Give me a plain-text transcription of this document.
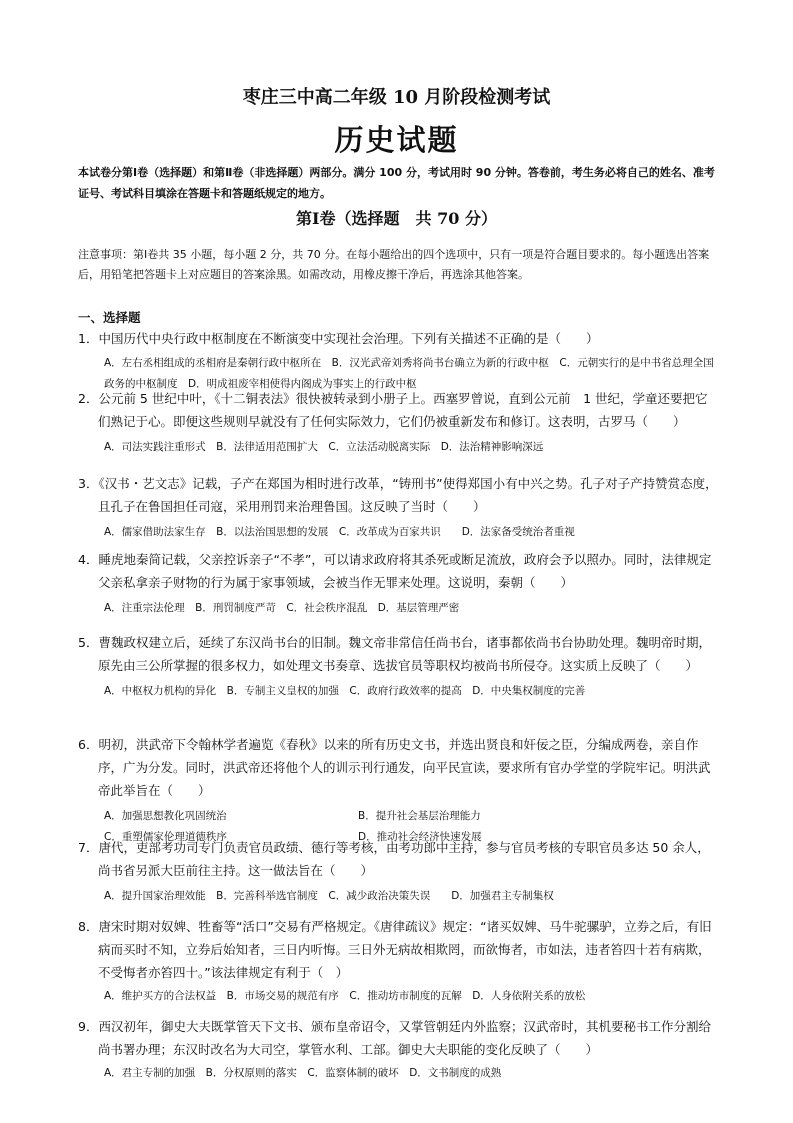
枣庄三中高二年级 10 月阶段检测考试
历史试题
本试卷分第Ⅰ卷（选择题）和第Ⅱ卷（非选择题）两部分。满分 100 分，考试用时 90 分钟。答卷前，考生务必将自己的姓名、准考证号、考试科目填涂在答题卡和答题纸规定的地方。
第Ⅰ卷（选择题　共 70 分）
注意事项：第Ⅰ卷共 35 小题，每小题 2 分，共 70 分。在每小题给出的四个选项中，只有一项是符合题目要求的。每小题选出答案后，用铅笔把答题卡上对应题目的答案涂黑。如需改动，用橡皮擦干净后，再选涂其他答案。
一、选择题

1．中国历代中央行政中枢制度在不断演变中实现社会治理。下列有关描述不正确的是（　　）

A．左右丞相组成的丞相府是秦朝行政中枢所在　B．汉光武帝刘秀将尚书台确立为新的行政中枢　C．元朝实行的是中书省总理全国政务的中枢制度　D．明成祖废宰相使得内阁成为事实上的行政中枢

2．公元前 5 世纪中叶，《十二铜表法》很快被转录到小册子上。西塞罗曾说，直到公元前　1 世纪，学童还要把它们熟记于心。即便这些规则早就没有了任何实际效力，它们仍被重新发布和修订。这表明，古罗马（　　）

A．司法实践注重形式　B．法律适用范围扩大　C．立法活动脱离实际　D．法治精神影响深远

3．《汉书・艺文志》记载，子产在郑国为相时进行改革，“铸刑书”使得郑国小有中兴之势。孔子对子产持赞赏态度，且孔子在鲁国担任司寇，采用刑罚来治理鲁国。这反映了当时（　　）

A．儒家借助法家生存　B．以法治国思想的发展　C．改革成为百家共识　　D．法家备受统治者重视

4．睡虎地秦简记载，父亲控诉亲子“不孝”，可以请求政府将其杀死或断足流放，政府会予以照办。同时，法律规定父亲私拿亲子财物的行为属于家事领域，会被当作无罪来处理。这说明，秦朝（　　）

A．注重宗法伦理　B．刑罚制度严苛　C．社会秩序混乱　D．基层管理严密

5．曹魏政权建立后，延续了东汉尚书台的旧制。魏文帝非常信任尚书台，诸事都依尚书台协助处理。魏明帝时期，原先由三公所掌握的很多权力，如处理文书奏章、选拔官员等职权均被尚书所侵夺。这实质上反映了（　　）

A．中枢权力机构的异化　B．专制主义皇权的加强　C．政府行政效率的提高　D．中央集权制度的完善

6．明初，洪武帝下令翰林学者遍览《春秋》以来的所有历史文书，并选出贤良和奸佞之臣，分编成两卷，亲自作序，广为分发。同时，洪武帝还将他个人的训示刊行通发，向平民宣读，要求所有官办学堂的学院牢记。明洪武帝此举旨在（　　）

A．加强思想教化巩固统治	B．提升社会基层治理能力
C．重塑儒家伦理道德秩序	D．推动社会经济快速发展

7．唐代，吏部考功司专门负责官员政绩、德行等考核，由考功郎中主持，参与官员考核的专职官员多达 50 余人，尚书省另派大臣前往主持。这一做法旨在（　　）

A．提升国家治理效能　B．完善科举选官制度　C．减少政治决策失误　　D．加强君主专制集权

8．唐宋时期对奴婢、牲畜等“活口”交易有严格规定。《唐律疏议》规定：“诸买奴婢、马牛驼骡驴，立券之后，有旧病而买时不知，立券后始知者，三日内听悔。三日外无病故相欺罔，而欲悔者，市如法，违者笞四十若有病欺，不受悔者亦笞四十。”该法律规定有利于（　）

A．维护买方的合法权益　B．市场交易的规范有序　C．推动坊市制度的瓦解　D．人身依附关系的放松

9．西汉初年，御史大夫既掌管天下文书、颁布皇帝诏令，又掌管朝廷内外监察；汉武帝时，其机要秘书工作分割给尚书署办理；东汉时改名为大司空，掌管水利、工部。御史大夫职能的变化反映了（　　）

A．君主专制的加强　B．分权原则的落实　C．监察体制的破坏　D．文书制度的成熟
